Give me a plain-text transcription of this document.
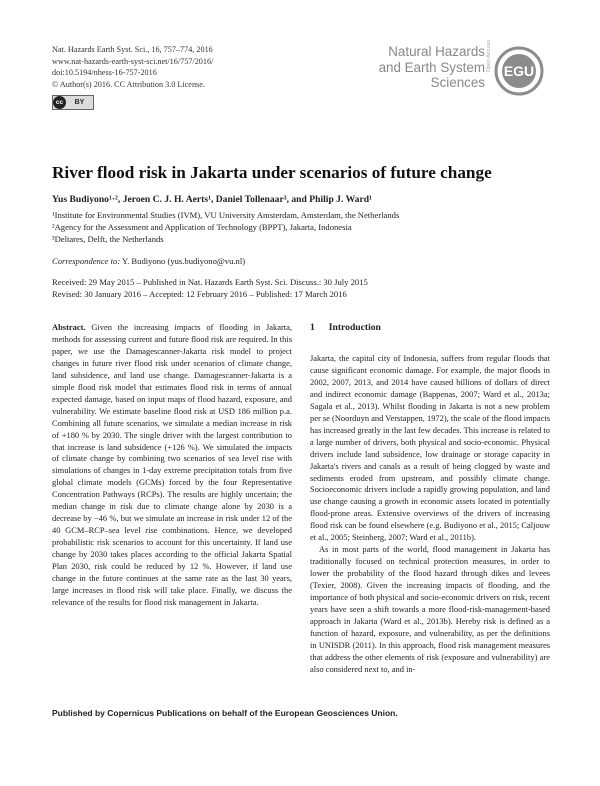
Nat. Hazards Earth Syst. Sci., 16, 757–774, 2016
www.nat-hazards-earth-syst-sci.net/16/757/2016/
doi:10.5194/nhess-16-757-2016
© Author(s) 2016. CC Attribution 3.0 License.
cc	BY
Natural Hazards
and Earth System
Sciences
Open Access EGU
River flood risk in Jakarta under scenarios of future change
Yus Budiyono¹·², Jeroen C. J. H. Aerts¹, Daniel Tollenaar³, and Philip J. Ward¹
¹Institute for Environmental Studies (IVM), VU University Amsterdam, Amsterdam, the Netherlands
²Agency for the Assessment and Application of Technology (BPPT), Jakarta, Indonesia
³Deltares, Delft, the Netherlands
Correspondence to: Y. Budiyono (yus.budiyono@vu.nl)
Received: 29 May 2015 – Published in Nat. Hazards Earth Syst. Sci. Discuss.: 30 July 2015
Revised: 30 January 2016 – Accepted: 12 February 2016 – Published: 17 March 2016

Abstract. Given the increasing impacts of flooding in Jakarta, methods for assessing current and future flood risk are required. In this paper, we use the Damagescanner-Jakarta risk model to project changes in future river flood risk under scenarios of climate change, land subsidence, and land use change. Damagescanner-Jakarta is a simple flood risk model that estimates flood risk in terms of annual expected damage, based on input maps of flood hazard, exposure, and vulnerability. We estimate baseline flood risk at USD 186 million p.a. Combining all future scenarios, we simulate a median increase in risk of +180 % by 2030. The single driver with the largest contribution to that increase is land subsidence (+126 %). We simulated the impacts of climate change by combining two scenarios of sea level rise with simulations of changes in 1-day extreme precipitation totals from five global climate models (GCMs) forced by the four Representative Concentration Pathways (RCPs). The results are highly uncertain; the median change in risk due to climate change alone by 2030 is a decrease by −46 %, but we simulate an increase in risk under 12 of the 40 GCM–RCP–sea level rise combinations. Hence, we developed probabilistic risk scenarios to account for this uncertainty. If land use change by 2030 takes places according to the official Jakarta Spatial Plan 2030, risk could be reduced by 12 %. However, if land use change in the future continues at the same rate as the last 30 years, large increases in flood risk will take place. Finally, we discuss the relevance of the results for flood risk management in Jakarta.

1 Introduction

Jakarta, the capital city of Indonesia, suffers from regular floods that cause significant economic damage. For example, the major floods in 2002, 2007, 2013, and 2014 have caused billions of dollars of direct and indirect economic damage (Bappenas, 2007; Ward et al., 2013a; Sagala et al., 2013). Whilst flooding in Jakarta is not a new problem per se (Noorduyn and Verstappen, 1972), the scale of the flood impacts has increased greatly in the last few decades. This increase is related to a large number of drivers, both physical and socio-economic. Physical drivers include land subsidence, low drainage or storage capacity in Jakarta's rivers and canals as a result of being clogged by waste and sediments eroded from upstream, and possibly climate change. Socioeconomic drivers include a rapidly growing population, and land use change causing a growth in economic assets located in potentially flood-prone areas. Extensive overviews of the drivers of increasing flood risk can be found elsewhere (e.g. Budiyono et al., 2015; Caljouw et al., 2005; Steinberg, 2007; Ward et al., 2011b).

As in most parts of the world, flood management in Jakarta has traditionally focused on technical protection measures, in order to lower the probability of the flood hazard through dikes and levees (Texier, 2008). Given the increasing impacts of flooding, and the importance of both physical and socio-economic drivers on risk, recent years have seen a shift towards a more flood-risk-management-based approach in Jakarta (Ward et al., 2013b). Hereby risk is defined as a function of hazard, exposure, and vulnerability, as per the definitions in UNISDR (2011). In this approach, flood risk management measures that address the other elements of risk (exposure and vulnerability) are also considered next to, and in-

Published by Copernicus Publications on behalf of the European Geosciences Union.
